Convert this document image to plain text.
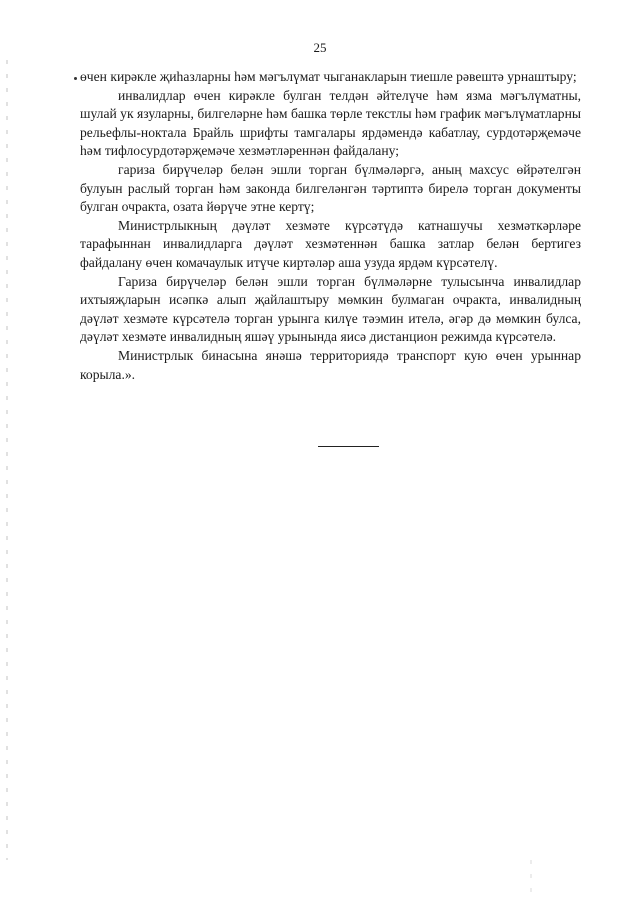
25

өчен кирәкле җиһазларны һәм мәгълүмат чыганакларын тиешле рәвештә урнаштыру;

инвалидлар өчен кирәкле булган телдән әйтелүче һәм язма мәгълүматны, шулай ук язуларны, билгеләрне һәм башка төрле текстлы һәм график мәгълүматларны рельефлы-ноктала Брайль шрифты тамгалары ярдәмендә кабатлау, сурдотәрҗемәче һәм тифлосурдотәрҗемәче хезмәтләреннән файдалану;

гариза бирүчеләр белән эшли торган бүлмәләргә, аның махсус өйрәтелгән булуын раслый торган һәм законда билгеләнгән тәртиптә бирелә торган документы булган очракта, озата йөрүче этне кертү;

Министрлыкның дәүләт хезмәте күрсәтүдә катнашучы хезмәткәрләре тарафыннан инвалидларга дәүләт хезмәтеннән башка затлар белән бертигез файдалану өчен комачаулык итүче киртәләр аша узуда ярдәм күрсәтелү.

Гариза бирүчеләр белән эшли торган бүлмәләрне тулысынча инвалидлар ихтыяҗларын исәпкә алып җайлаштыру мөмкин булмаган очракта, инвалидның дәүләт хезмәте күрсәтелә торган урынга килүе тәэмин ителә, әгәр дә мөмкин булса, дәүләт хезмәте инвалидның яшәү урынында яисә дистанцион режимда күрсәтелә.

Министрлык бинасына янәшә территориядә транспорт кую өчен урыннар корыла.».
